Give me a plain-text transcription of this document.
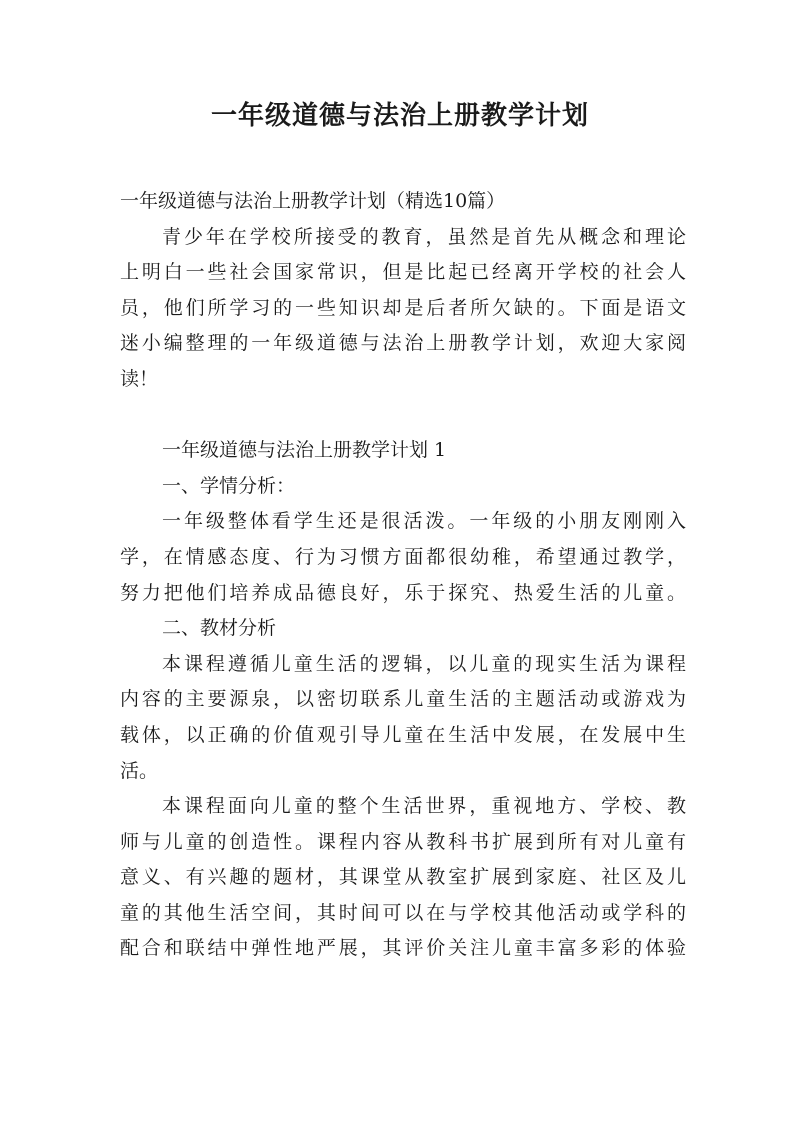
一年级道德与法治上册教学计划

一年级道德与法治上册教学计划（精选10篇）

青少年在学校所接受的教育，虽然是首先从概念和理论

上明白一些社会国家常识，但是比起已经离开学校的社会人

员，他们所学习的一些知识却是后者所欠缺的。下面是语文

迷小编整理的一年级道德与法治上册教学计划，欢迎大家阅

读！

一年级道德与法治上册教学计划 1

一、学情分析：

一年级整体看学生还是很活泼。一年级的小朋友刚刚入

学，在情感态度、行为习惯方面都很幼稚，希望通过教学，

努力把他们培养成品德良好，乐于探究、热爱生活的儿童。

二、教材分析

本课程遵循儿童生活的逻辑，以儿童的现实生活为课程

内容的主要源泉，以密切联系儿童生活的主题活动或游戏为

载体，以正确的价值观引导儿童在生活中发展，在发展中生

活。

本课程面向儿童的整个生活世界，重视地方、学校、教

师与儿童的创造性。课程内容从教科书扩展到所有对儿童有

意义、有兴趣的题材，其课堂从教室扩展到家庭、社区及儿

童的其他生活空间，其时间可以在与学校其他活动或学科的

配合和联结中弹性地严展，其评价关注儿童丰富多彩的体验
